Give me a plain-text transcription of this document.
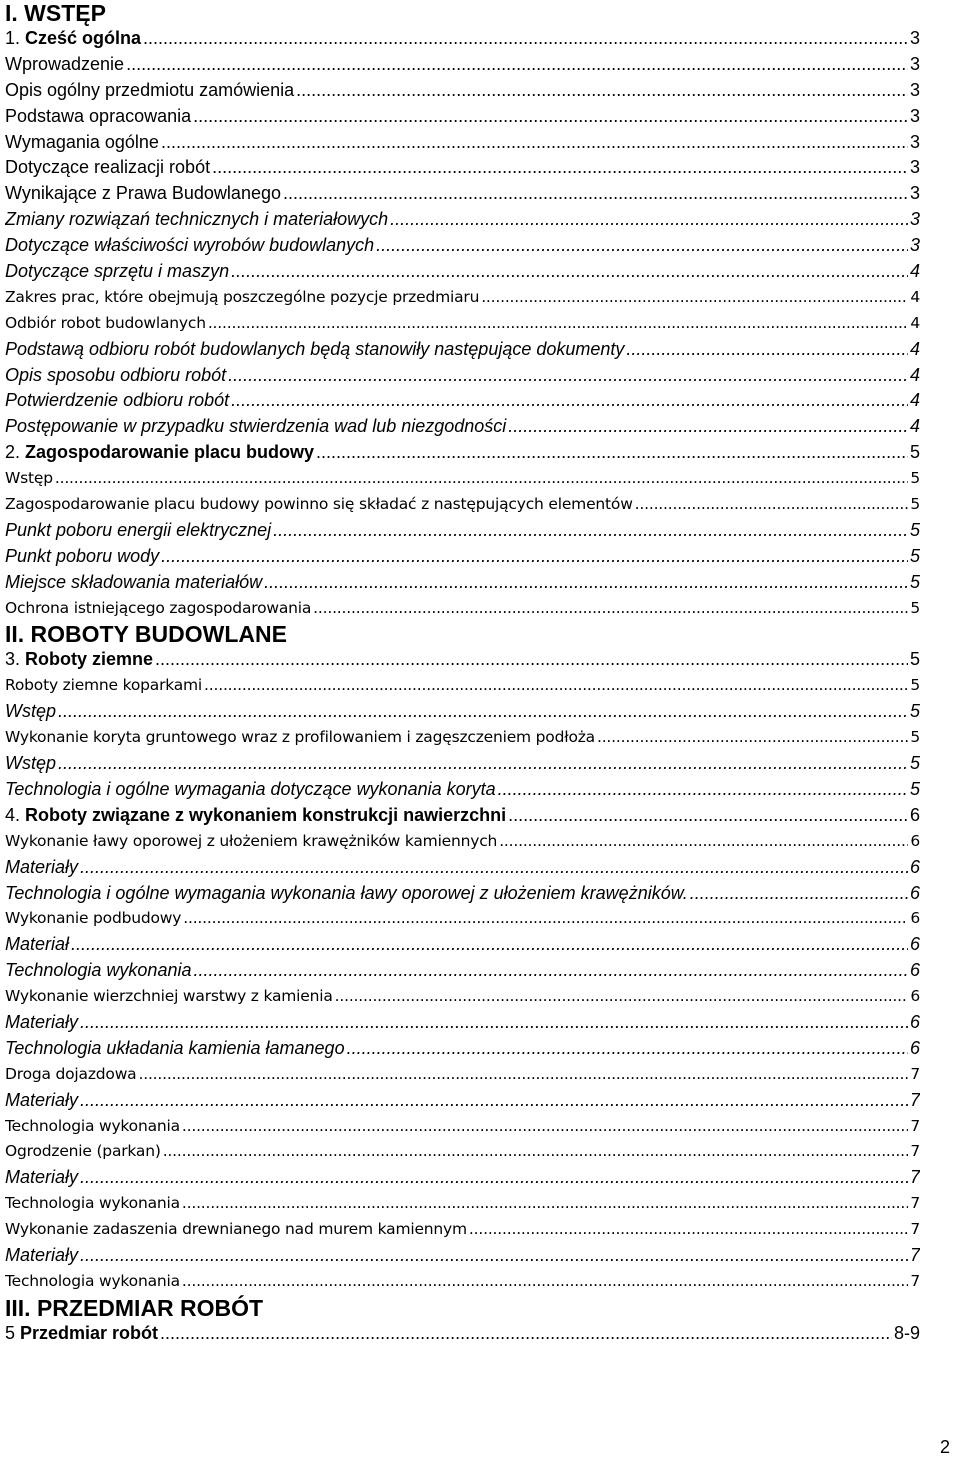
I. WSTĘP
1. Cześć ogólna .....	3
Wprowadzenie .....	3
Opis ogólny przedmiotu zamówienia .....	3
Podstawa opracowania .....	3
Wymagania ogólne .....	3
Dotyczące realizacji robót .....	3
Wynikające z Prawa Budowlanego .....	3
Zmiany rozwiązań technicznych i materiałowych .....	3
Dotyczące właściwości wyrobów budowlanych .....	3
Dotyczące sprzętu i maszyn .....	4
Zakres prac, które obejmują poszczególne pozycje przedmiaru .....	4
Odbiór robot budowlanych .....	4
Podstawą odbioru robót budowlanych będą stanowiły następujące dokumenty .....	4
Opis sposobu odbioru robót .....	4
Potwierdzenie odbioru robót .....	4
Postępowanie w przypadku stwierdzenia wad lub niezgodności .....	4
2. Zagospodarowanie placu budowy .....	5
Wstęp .....	5
Zagospodarowanie placu budowy powinno się składać z następujących elementów .....	5
Punkt poboru energii elektrycznej .....	5
Punkt poboru wody .....	5
Miejsce składowania materiałów .....	5
Ochrona istniejącego zagospodarowania .....	5
II. ROBOTY BUDOWLANE
3. Roboty ziemne .....	5
Roboty ziemne koparkami .....	5
Wstęp .....	5
Wykonanie koryta gruntowego wraz z profilowaniem i zagęszczeniem podłoża .....	5
Wstęp .....	5
Technologia i ogólne wymagania dotyczące wykonania koryta .....	5
4. Roboty związane z wykonaniem konstrukcji nawierzchni .....	6
Wykonanie ławy oporowej z ułożeniem krawężników kamiennych .....	6
Materiały .....	6
Technologia i ogólne wymagania wykonania ławy oporowej z ułożeniem krawężników. .....	6
Wykonanie podbudowy .....	6
Materiał .....	6
Technologia wykonania .....	6
Wykonanie wierzchniej warstwy z kamienia .....	6
Materiały .....	6
Technologia układania kamienia łamanego .....	6
Droga dojazdowa .....	7
Materiały .....	7
Technologia wykonania .....	7
Ogrodzenie (parkan) .....	7
Materiały .....	7
Technologia wykonania .....	7
Wykonanie zadaszenia drewnianego nad murem kamiennym .....	7
Materiały .....	7
Technologia wykonania .....	7
III. PRZEDMIAR ROBÓT
5 Przedmiar robót .....	8-9
2
